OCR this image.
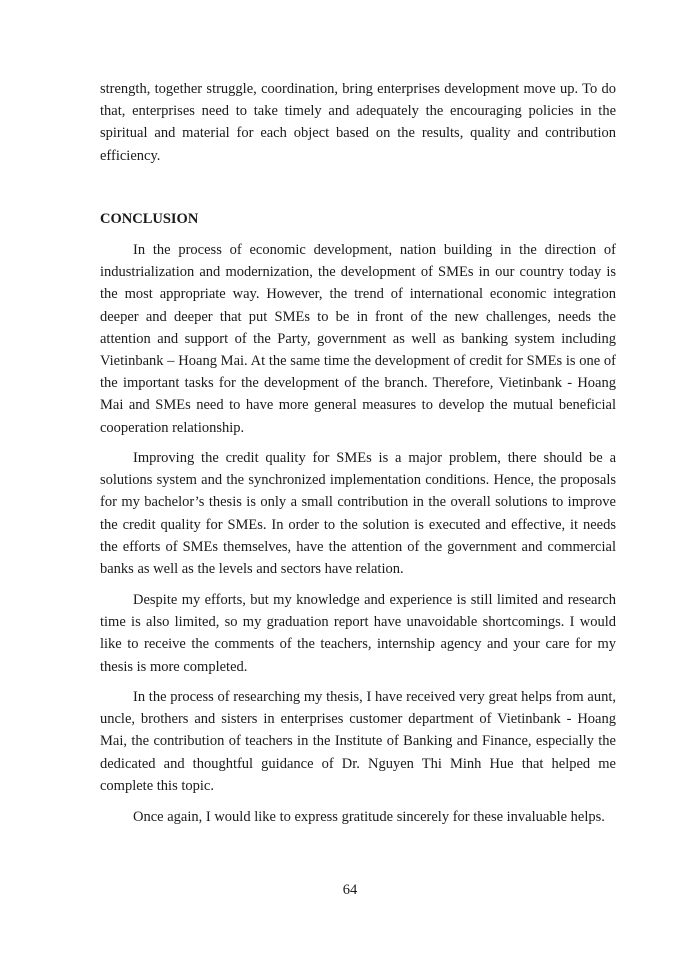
strength, together struggle, coordination, bring enterprises development move up. To do that, enterprises need to take timely and adequately the encouraging policies in the spiritual and material for each object based on the results, quality and contribution efficiency.

CONCLUSION

In the process of economic development, nation building in the direction of industrialization and modernization, the development of SMEs in our country today is the most appropriate way. However, the trend of international economic integration deeper and deeper that put SMEs to be in front of the new challenges, needs the attention and support of the Party, government as well as banking system including Vietinbank – Hoang Mai. At the same time the development of credit for SMEs is one of the important tasks for the development of the branch. Therefore, Vietinbank - Hoang Mai and SMEs need to have more general measures to develop the mutual beneficial cooperation relationship.

Improving the credit quality for SMEs is a major problem, there should be a solutions system and the synchronized implementation conditions. Hence, the proposals for my bachelor’s thesis is only a small contribution in the overall solutions to improve the credit quality for SMEs. In order to the solution is executed and effective, it needs the efforts of SMEs themselves, have the attention of the government and commercial banks as well as the levels and sectors have relation.

Despite my efforts, but my knowledge and experience is still limited and research time is also limited, so my graduation report have unavoidable shortcomings. I would like to receive the comments of the teachers, internship agency and your care for my thesis is more completed.

In the process of researching my thesis, I have received very great helps from aunt, uncle, brothers and sisters in enterprises customer department of Vietinbank - Hoang Mai, the contribution of teachers in the Institute of Banking and Finance, especially the dedicated and thoughtful guidance of Dr. Nguyen Thi Minh Hue that helped me complete this topic.

Once again, I would like to express gratitude sincerely for these invaluable helps.

64
